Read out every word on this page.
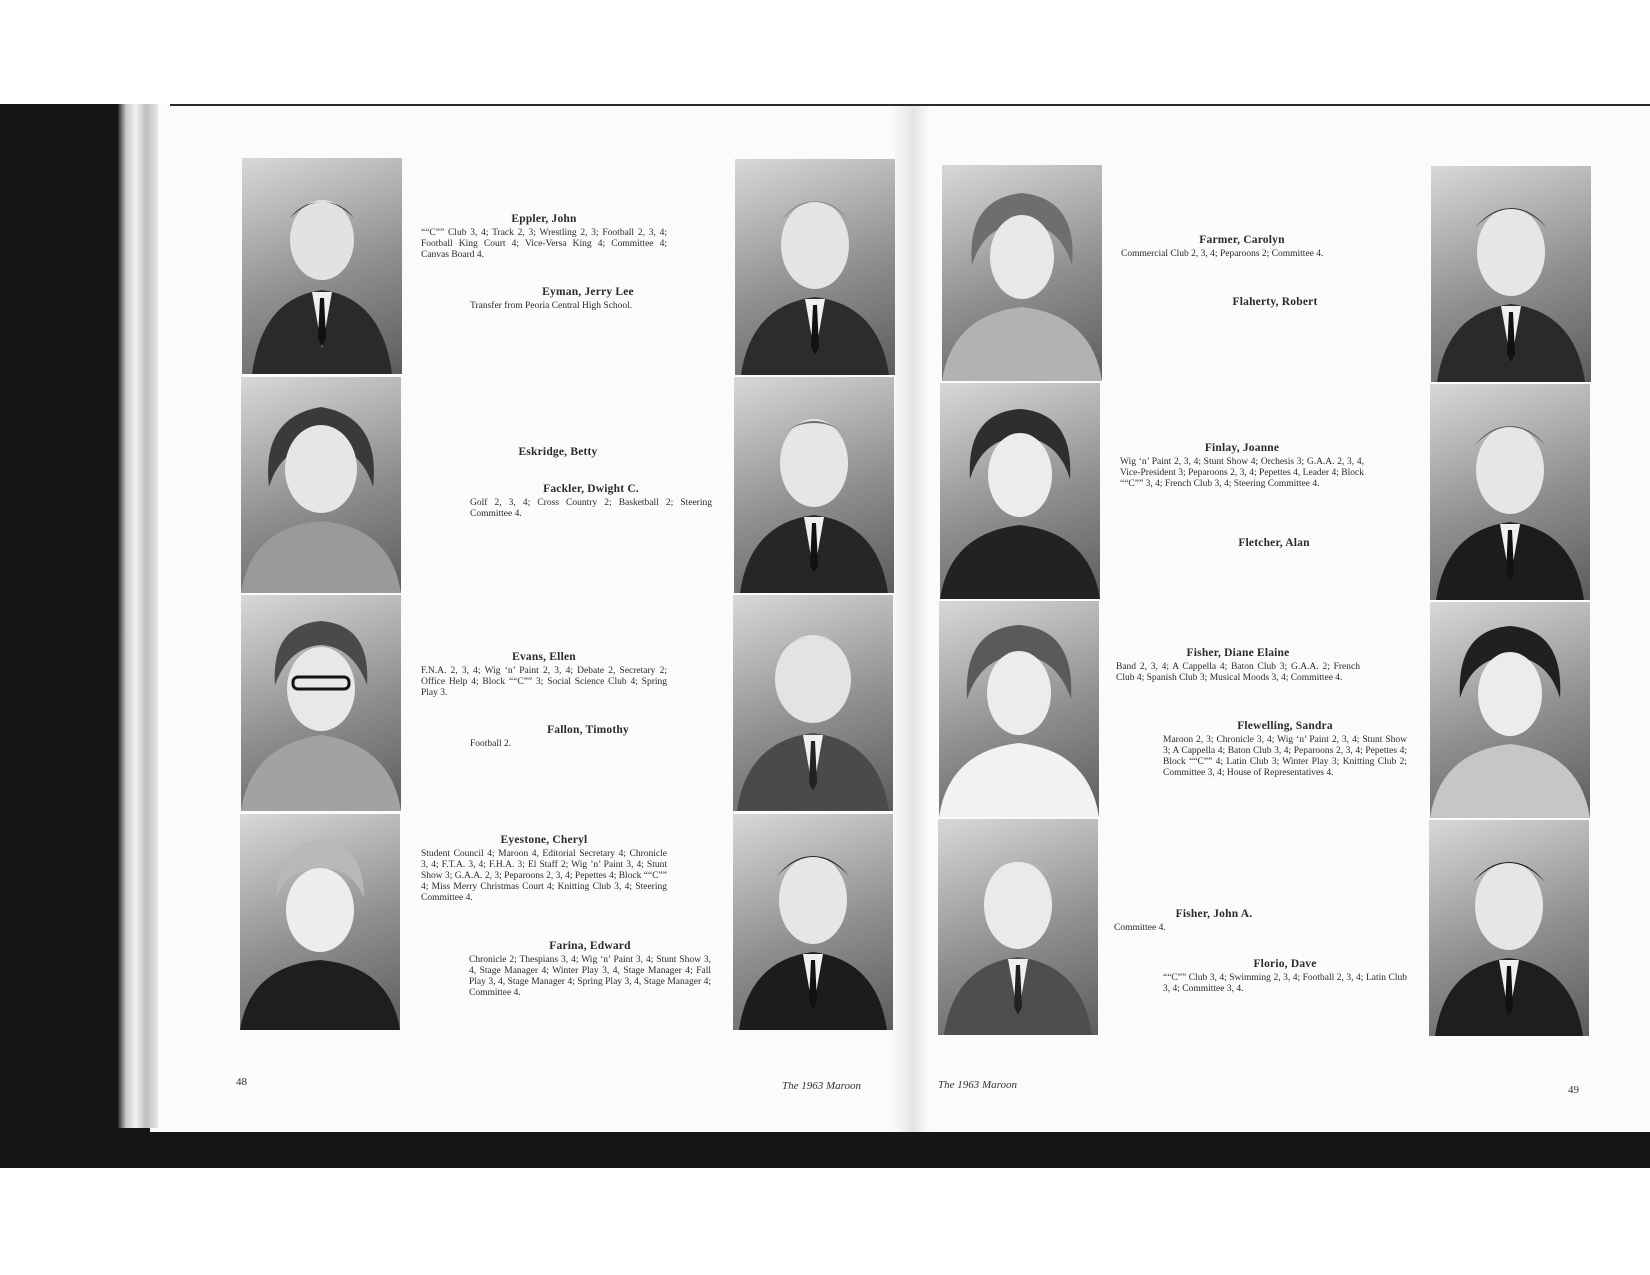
Eppler, John
““C”” Club 3, 4; Track 2, 3; Wrestling 2, 3; Football 2, 3, 4; Football King Court 4; Vice-Versa King 4; Committee 4; Canvas Board 4.
Eyman, Jerry Lee
Transfer from Peoria Central High School.
Eskridge, Betty
Fackler, Dwight C.
Golf 2, 3, 4; Cross Country 2; Basketball 2; Steering Committee 4.
Evans, Ellen
F.N.A. 2, 3, 4; Wig ‘n’ Paint 2, 3, 4; Debate 2, Secretary 2; Office Help 4; Block ““C”” 3; Social Science Club 4; Spring Play 3.
Fallon, Timothy
Football 2.
Eyestone, Cheryl
Student Council 4; Maroon 4, Editorial Secretary 4; Chronicle 3, 4; F.T.A. 3, 4; F.H.A. 3; El Staff 2; Wig ’n’ Paint 3, 4; Stunt Show 3; G.A.A. 2, 3; Peparoons 2, 3, 4; Pepettes 4; Block ““C”” 4; Miss Merry Christmas Court 4; Knitting Club 3, 4; Steering Committee 4.
Farina, Edward
Chronicle 2; Thespians 3, 4; Wig ‘n’ Paint 3, 4; Stunt Show 3, 4, Stage Manager 4; Winter Play 3, 4, Stage Manager 4; Fall Play 3, 4, Stage Manager 4; Spring Play 3, 4, Stage Manager 4; Committee 4.
Farmer, Carolyn
Commercial Club 2, 3, 4; Peparoons 2; Committee 4.
Flaherty, Robert
Finlay, Joanne
Wig ‘n’ Paint 2, 3, 4; Stunt Show 4; Orchesis 3; G.A.A. 2, 3, 4, Vice-President 3; Peparoons 2, 3, 4; Pepettes 4, Leader 4; Block ““C”” 3, 4; French Club 3, 4; Steering Committee 4.
Fletcher, Alan
Fisher, Diane Elaine
Band 2, 3, 4; A Cappella 4; Baton Club 3; G.A.A. 2; French Club 4; Spanish Club 3; Musical Moods 3, 4; Committee 4.
Flewelling, Sandra
Maroon 2, 3; Chronicle 3, 4; Wig ‘n’ Paint 2, 3, 4; Stunt Show 3; A Cappella 4; Baton Club 3, 4; Peparoons 2, 3, 4; Pepettes 4; Block ““C”” 4; Latin Club 3; Winter Play 3; Knitting Club 2; Committee 3, 4; House of Representatives 4.
Fisher, John A.
Committee 4.
Florio, Dave
““C”” Club 3, 4; Swimming 2, 3, 4; Football 2, 3, 4; Latin Club 3, 4; Committee 3, 4.
48	The 1963 Maroon	The 1963 Maroon	49
